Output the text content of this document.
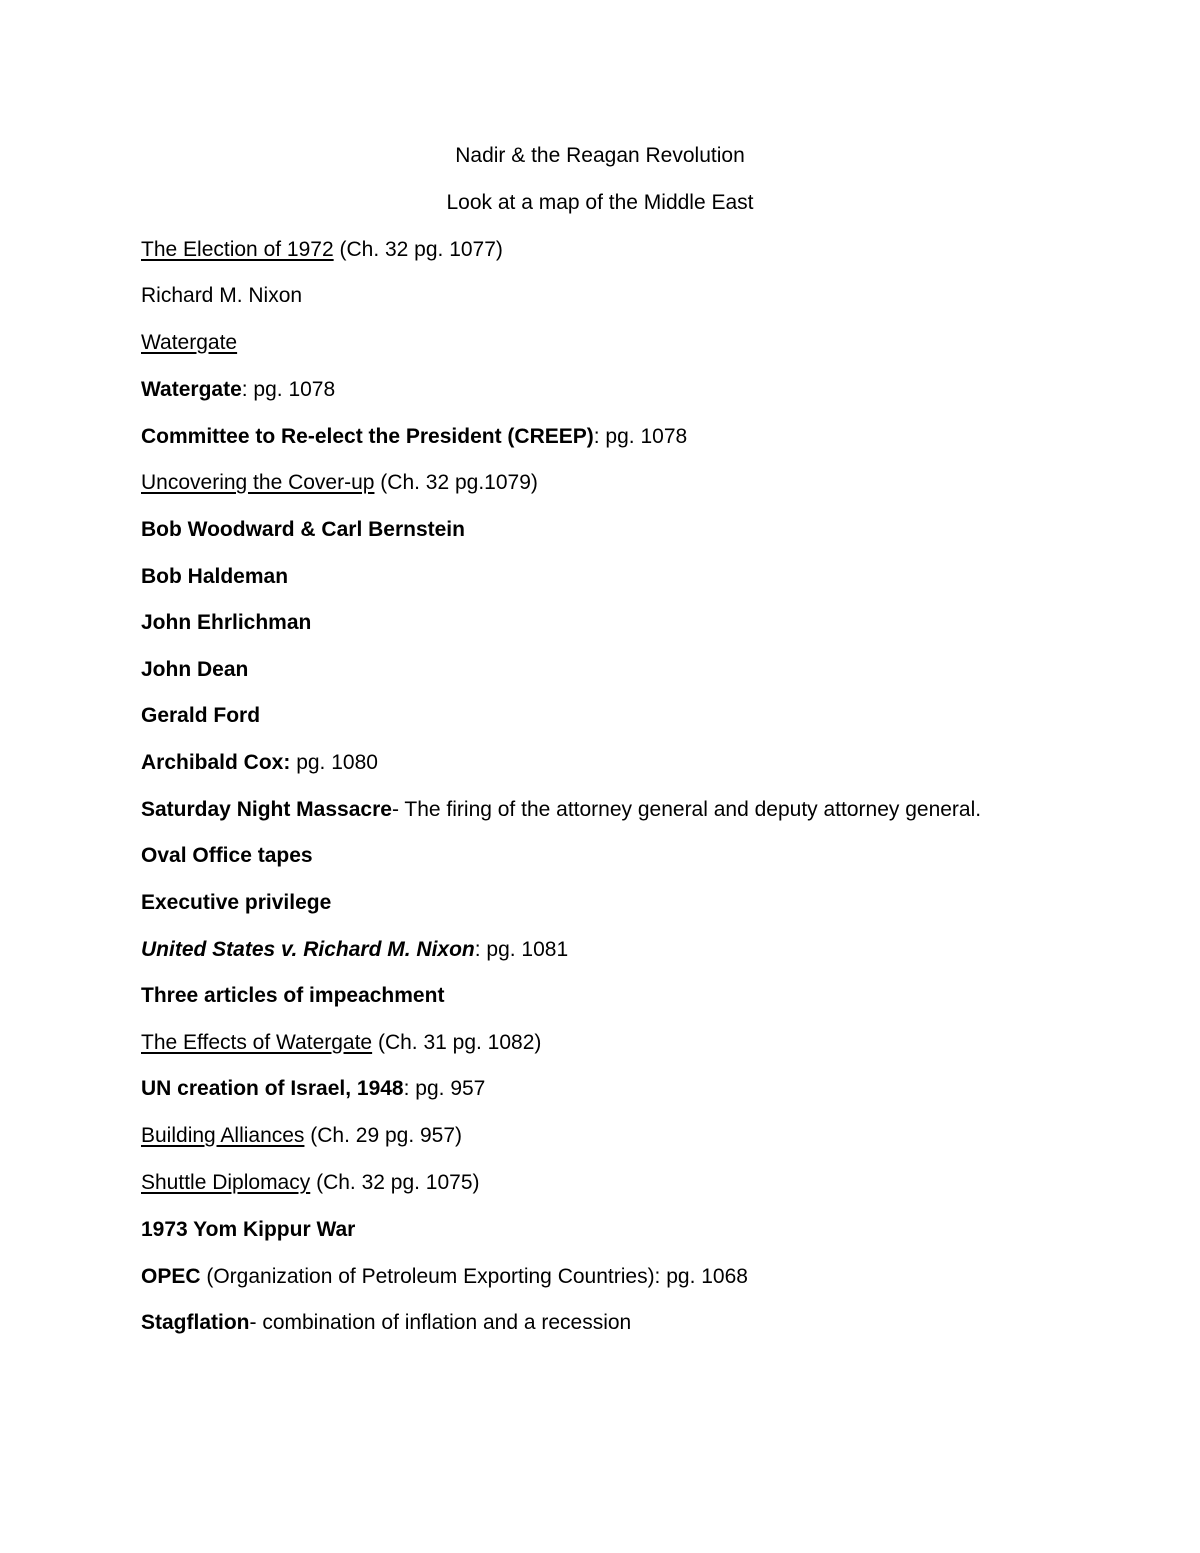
Nadir & the Reagan Revolution
Look at a map of the Middle East
The Election of 1972 (Ch. 32 pg. 1077)
Richard M. Nixon
Watergate
Watergate: pg. 1078
Committee to Re-elect the President (CREEP): pg. 1078
Uncovering the Cover-up (Ch. 32 pg.1079)
Bob Woodward & Carl Bernstein
Bob Haldeman
John Ehrlichman
John Dean
Gerald Ford
Archibald Cox: pg. 1080
Saturday Night Massacre- The firing of the attorney general and deputy attorney general.
Oval Office tapes
Executive privilege
United States v. Richard M. Nixon: pg. 1081
Three articles of impeachment
The Effects of Watergate (Ch. 31 pg. 1082)
UN creation of Israel, 1948: pg. 957
Building Alliances (Ch. 29 pg. 957)
Shuttle Diplomacy (Ch. 32 pg. 1075)
1973 Yom Kippur War
OPEC (Organization of Petroleum Exporting Countries): pg. 1068
Stagflation- combination of inflation and a recession
